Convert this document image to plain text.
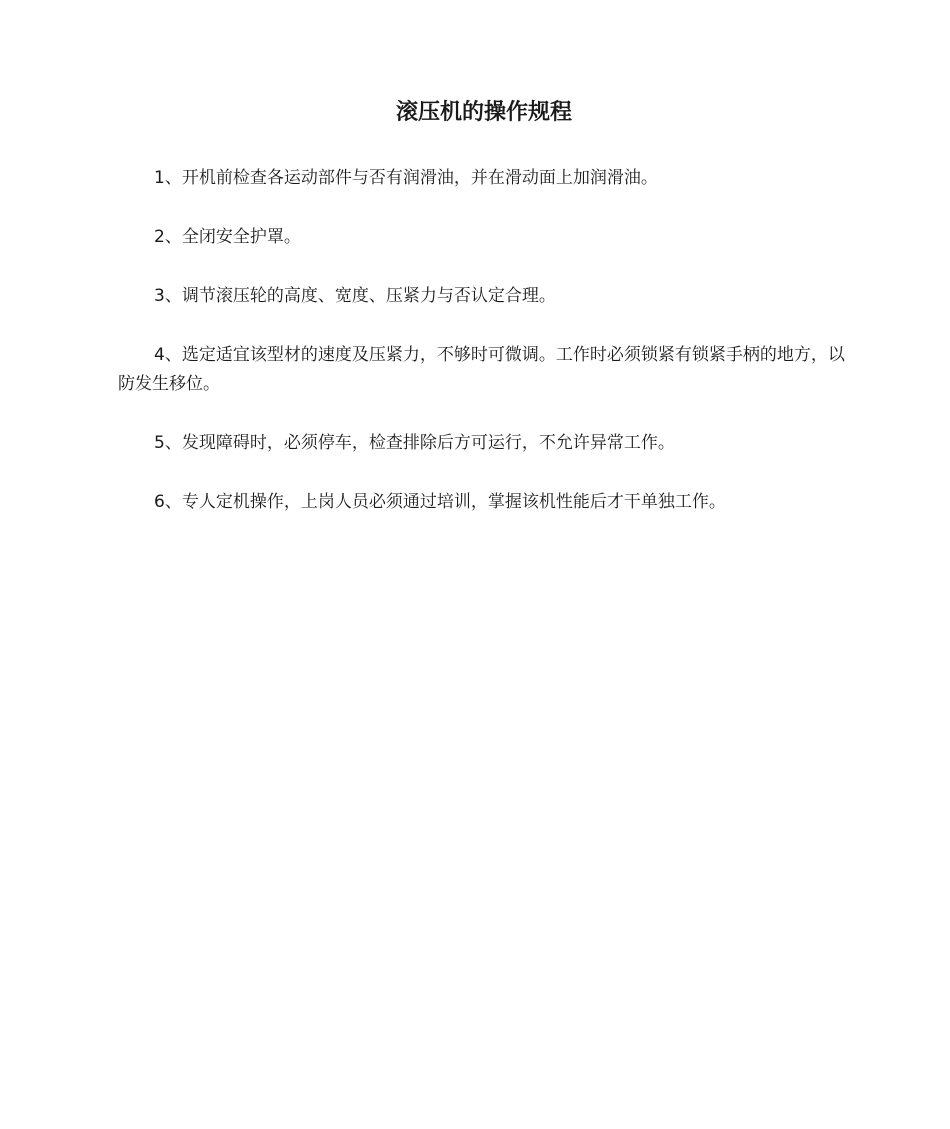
滚压机的操作规程

1、开机前检查各运动部件与否有润滑油，并在滑动面上加润滑油。

2、全闭安全护罩。

3、调节滚压轮的高度、宽度、压紧力与否认定合理。

4、选定适宜该型材的速度及压紧力，不够时可微调。工作时必须锁紧有锁紧手柄的地方，以防发生移位。

5、发现障碍时，必须停车，检查排除后方可运行，不允许异常工作。

6、专人定机操作，上岗人员必须通过培训，掌握该机性能后才干单独工作。
